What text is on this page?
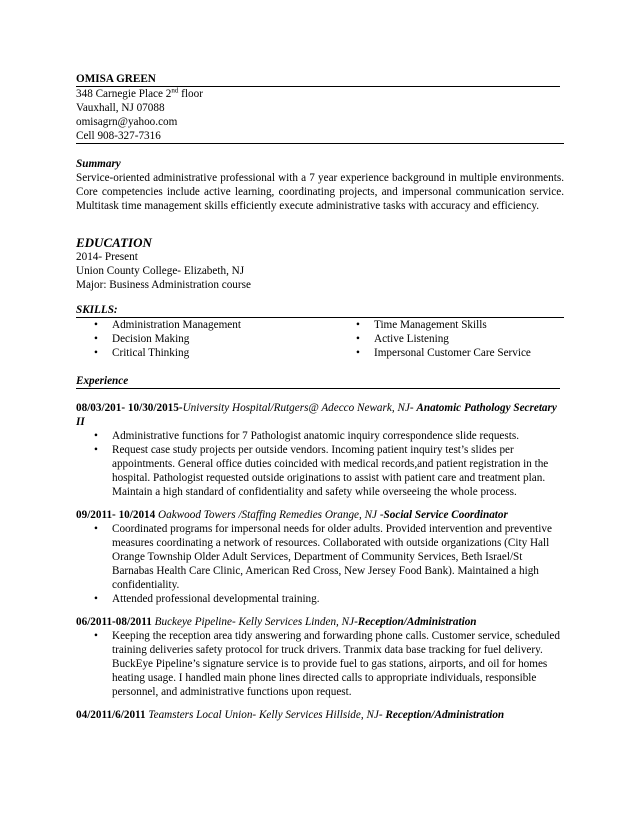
OMISA GREEN
348 Carnegie Place 2nd floor
Vauxhall, NJ 07088
omisagrn@yahoo.com
Cell 908-327-7316
Summary
Service-oriented administrative professional with a 7 year experience background in multiple environments. Core competencies include active learning, coordinating projects, and impersonal communication service. Multitask time management skills efficiently execute administrative tasks with accuracy and efficiency.
EDUCATION
2014- Present
Union County College- Elizabeth, NJ
Major: Business Administration course
SKILLS:
• Administration Management
• Decision Making
• Critical Thinking
• Time Management Skills
• Active Listening
• Impersonal Customer Care Service
Experience
08/03/201- 10/30/2015-University Hospital/Rutgers@ Adecco Newark, NJ- Anatomic Pathology Secretary II
• Administrative functions for 7 Pathologist anatomic inquiry correspondence slide requests.
• Request case study projects per outside vendors. Incoming patient inquiry test’s slides per appointments. General office duties coincided with medical records,and patient registration in the hospital. Pathologist requested outside originations to assist with patient care and treatment plan. Maintain a high standard of confidentiality and safety while overseeing the whole process.
09/2011- 10/2014 Oakwood Towers /Staffing Remedies Orange, NJ -Social Service Coordinator
• Coordinated programs for impersonal needs for older adults. Provided intervention and preventive measures coordinating a network of resources. Collaborated with outside organizations (City Hall Orange Township Older Adult Services, Department of Community Services, Beth Israel/St Barnabas Health Care Clinic, American Red Cross, New Jersey Food Bank). Maintained a high confidentiality.
• Attended professional developmental training.
06/2011-08/2011 Buckeye Pipeline- Kelly Services Linden, NJ-Reception/Administration
• Keeping the reception area tidy answering and forwarding phone calls. Customer service, scheduled training deliveries safety protocol for truck drivers. Tranmix data base tracking for fuel delivery. BuckEye Pipeline’s signature service is to provide fuel to gas stations, airports, and oil for homes heating usage. I handled main phone lines directed calls to appropriate individuals, responsible personnel, and administrative functions upon request.
04/2011/6/2011 Teamsters Local Union- Kelly Services Hillside, NJ- Reception/Administration
